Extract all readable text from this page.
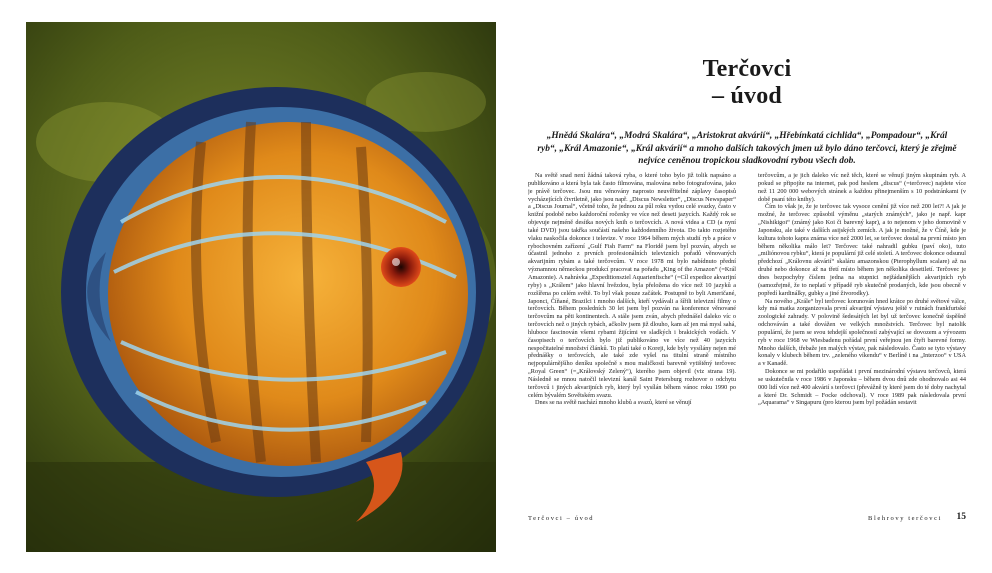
Terčovci
– úvod

„Hnědá Skalára“, „Modrá Skalára“, „Aristokrat akvárií“, „Hřebínkatá cichlida“, „Pompadour“, „Král ryb“, „Král Amazonie“, „Král akvárií“ a mnoho dalších takových jmen už bylo dáno terčovci, který je zřejmě nejvíce ceněnou tropickou sladkovodní rybou všech dob.

Na světě snad není žádná taková ryba, o které toho bylo již tolik napsáno a publikováno a která byla tak často filmována, malována nebo fotografována, jako je právě terčovec. Jsou mu věnovány naprosto neuvěřitelné záplavy časopisů vycházejících čtvrtletně, jako jsou např. „Discus Newsletter“, „Discus Newspaper“ a „Discus Journal“, včetně toho, že jednou za půl roku vydou celé svazky, často v knižní podobě nebo každoroční ročenky ve více než deseti jazycích. Každý rok se objevuje nejméně desítka nových knih o terčovcích. A nová videa a CD (a nyní také DVD) jsou takřka součástí našeho každodenního života. Do takto rozjetého vlaku naskočila dokonce i televize. V roce 1964 během mých studií ryb a práce v rybochovném zařízení „Gulf Fish Farm“ na Floridě jsem byl pozván, abych se účastnil jednoho z prvních profesionálních televizních pořadů věnovaných akvarijním rybám a také terčovcům. V roce 1978 mi bylo nabídnuto přední významnou německou produkcí pracovat na pořadu „King of the Amazon“ (=Král Amazonie). A nahrávka „Expeditionsziel Aquarienfische“ (=Cíl expedice akvarijní ryby) s „Králem“ jako hlavní hvězdou, byla přeložena do více než 10 jazyků a rozšířena po celém světě. To byl však pouze začátek. Postupně to byli Američané, Japonci, Číňané, Brazilci i mnoho dalších, kteří vydávali a šířili televizní filmy o terčovcích. Během posledních 30 let jsem byl pozván na konference věnované terčovcům na pěti kontinentech. A stále jsem zván, abych přednášel daleko víc o terčovcích než o jiných rybách, ačkoliv jsem již dlouho, kam až jen má mysl sahá, hluboce fascinován všemi rybami žijícími ve sladkých i brakických vodách. V časopisech o terčovcích bylo již publikováno ve více než 40 jazycích nespočitatelné množství článků. To platí také o Koreji, kde byly vysílány nejen mé přednášky o terčovcích, ale také zde vyšel na titulní straně místního nejpopulárnějšího deníku společně s mou maličkostí barevně vytištěný terčovec „Royal Green“ (=„Královský Zelený“), kterého jsem objevil (viz strana 19). Následně se mnou natočil televizní kanál Saint Petersburg rozhovor o odchytu terčovců i jiných akvarijních ryb, který byl vysílán během vánoc roku 1990 po celém bývalém Sovětském svazu.

Dnes se na světě nachází mnoho klubů a svazů, které se věnují

terčovcům, a je jich daleko víc než těch, které se věnují jiným skupinám ryb. A pokud se připojíte na internet, pak pod heslem „discus“ (=terčovec) najdete více než 11 200 000 webových stránek a každou přinejmenším s 10 podstránkami (v době psaní této knihy).

Čím to však je, že je terčovec tak vysoce cenění již více než 200 let?! A jak je možné, že terčovec způsobil výměnu „starých známých“, jako je např. kapr „Nishikigoi“ (známý jako Koi či barevný kapr), a to nejenom v jeho domovině v Japonsku, ale také v dalších asijských zemích. A jak je možné, že v Číně, kde je kultura tohoto kapra známa více než 2000 let, se terčovec dostal na první místo jen během několika málo let? Terčovec také nahradil gubku (paví oko), tuto „miliónovou rybku“, která je populární již celé století. A terčovec dokonce odsunul předchozí „Královnu akvárií“ skaláru amazonskou (Pterophyllum scalare) až na druhé nebo dokonce až na třetí místo během jen několika desetiletí. Terčovec je dnes bezpochyby číslem jedna na stupnici nejžádanějších akvarijních ryb (samozřejmě, že to neplatí v případě ryb skutečně prodaných, kde jsou obecně v popředí kardinálky, gubky a jiné živorodky).

Na nového „Krále“ byl terčovec korunován hned krátce po druhé světové válce, kdy má matka zorganizovala první akvarijní výstavu ještě v ruinách frankfurtské zoologické zahrady. V polovině šedesátých let byl už terčovec konečně úspěšně odchováván a také dovážen ve velkých množstvích. Terčovec byl natolik populární, že jsem se svou tehdejší společností zabývající se dovozem a vývozem ryb v roce 1968 ve Wiesbadenu pořádal první veřejnou jen čtyři barevné formy. Mnoho dalších, třebaže jen malých výstav, pak následovalo. Často se tyto výstavy konaly v klubech během trv. „zeleného víkendu“ v Berlíně i na „Interzoo“ v USA a v Kanadě.

Dokonce se mi podařilo uspořádat i první mezinárodní výstavu terčovců, která se uskutečnila v roce 1986 v Japonsku – během dvou dnů zde ohodnovalo asi 44 000 lidí více než 400 akvárií s terčovci (převážně ty které jsem do té doby nachytal a které Dr. Schmidt – Focke odchoval). V roce 1989 pak následovala první „Aquarama“ v Singapuru (pro kterou jsem byl požádán sestavit

Terčovci – úvod	Blehrovy terčovci 15
